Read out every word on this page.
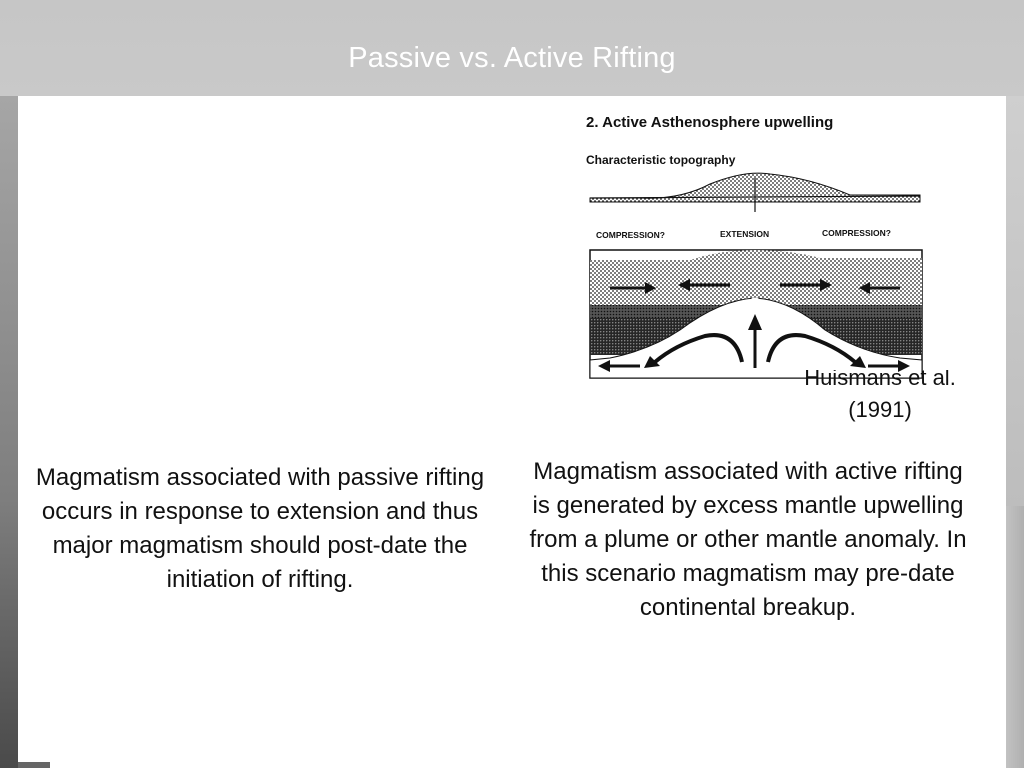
Passive vs. Active Rifting
2. Active Asthenosphere upwelling
Characteristic topography
COMPRESSION?	EXTENSION	COMPRESSION?
Huismans et al.
(1991)
Magmatism associated with passive rifting occurs in response to extension and thus major magmatism should post-date the initiation of rifting.
Magmatism associated with active rifting is generated by excess mantle upwelling from a plume or other mantle anomaly. In this scenario magmatism may pre-date continental breakup.
